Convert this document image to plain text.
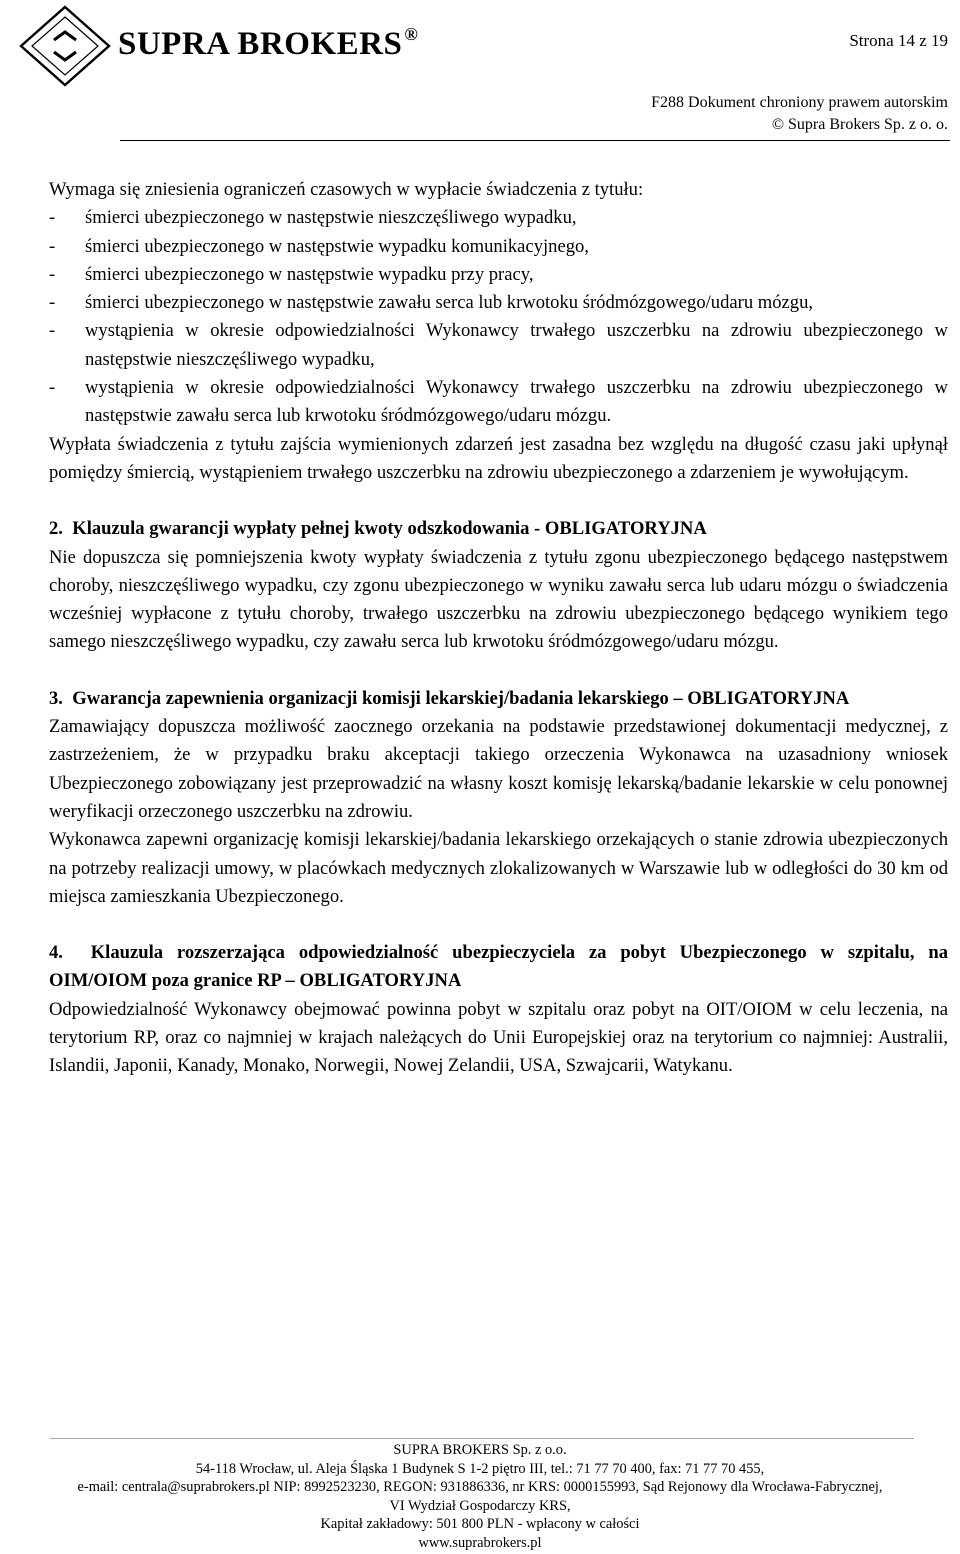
SUPRA BROKERS ®	Strona 14 z 19
F288 Dokument chroniony prawem autorskim
© Supra Brokers Sp. z o. o.

Wymaga się zniesienia ograniczeń czasowych w wypłacie świadczenia z tytułu:

- śmierci ubezpieczonego w następstwie nieszczęśliwego wypadku,
- śmierci ubezpieczonego w następstwie wypadku komunikacyjnego,
- śmierci ubezpieczonego w następstwie wypadku przy pracy,
- śmierci ubezpieczonego w następstwie zawału serca lub krwotoku śródmózgowego/udaru mózgu,
- wystąpienia w okresie odpowiedzialności Wykonawcy trwałego uszczerbku na zdrowiu ubezpieczonego w następstwie nieszczęśliwego wypadku,
- wystąpienia w okresie odpowiedzialności Wykonawcy trwałego uszczerbku na zdrowiu ubezpieczonego w następstwie zawału serca lub krwotoku śródmózgowego/udaru mózgu.

Wypłata świadczenia z tytułu zajścia wymienionych zdarzeń jest zasadna bez względu na długość czasu jaki upłynął pomiędzy śmiercią, wystąpieniem trwałego uszczerbku na zdrowiu ubezpieczonego a zdarzeniem je wywołującym.

2. Klauzula gwarancji wypłaty pełnej kwoty odszkodowania - OBLIGATORYJNA

Nie dopuszcza się pomniejszenia kwoty wypłaty świadczenia z tytułu zgonu ubezpieczonego będącego następstwem choroby, nieszczęśliwego wypadku, czy zgonu ubezpieczonego w wyniku zawału serca lub udaru mózgu o świadczenia wcześniej wypłacone z tytułu choroby, trwałego uszczerbku na zdrowiu ubezpieczonego będącego wynikiem tego samego nieszczęśliwego wypadku, czy zawału serca lub krwotoku śródmózgowego/udaru mózgu.

3. Gwarancja zapewnienia organizacji komisji lekarskiej/badania lekarskiego – OBLIGATORYJNA

Zamawiający dopuszcza możliwość zaocznego orzekania na podstawie przedstawionej dokumentacji medycznej, z zastrzeżeniem, że w przypadku braku akceptacji takiego orzeczenia Wykonawca na uzasadniony wniosek Ubezpieczonego zobowiązany jest przeprowadzić na własny koszt komisję lekarską/badanie lekarskie w celu ponownej weryfikacji orzeczonego uszczerbku na zdrowiu.

Wykonawca zapewni organizację komisji lekarskiej/badania lekarskiego orzekających o stanie zdrowia ubezpieczonych na potrzeby realizacji umowy, w placówkach medycznych zlokalizowanych w Warszawie lub w odległości do 30 km od miejsca zamieszkania Ubezpieczonego.

4. Klauzula rozszerzająca odpowiedzialność ubezpieczyciela za pobyt Ubezpieczonego w szpitalu, na OIM/OIOM poza granice RP – OBLIGATORYJNA

Odpowiedzialność Wykonawcy obejmować powinna pobyt w szpitalu oraz pobyt na OIT/OIOM w celu leczenia, na terytorium RP, oraz co najmniej w krajach należących do Unii Europejskiej oraz na terytorium co najmniej: Australii, Islandii, Japonii, Kanady, Monako, Norwegii, Nowej Zelandii, USA, Szwajcarii, Watykanu.

SUPRA BROKERS Sp. z o.o.
54-118 Wrocław, ul. Aleja Śląska 1 Budynek S 1-2 piętro III, tel.: 71 77 70 400, fax: 71 77 70 455,
e-mail: centrala@suprabrokers.pl NIP: 8992523230, REGON: 931886336, nr KRS: 0000155993, Sąd Rejonowy dla Wrocława-Fabrycznej,
VI Wydział Gospodarczy KRS,
Kapitał zakładowy: 501 800 PLN - wpłacony w całości
www.suprabrokers.pl
